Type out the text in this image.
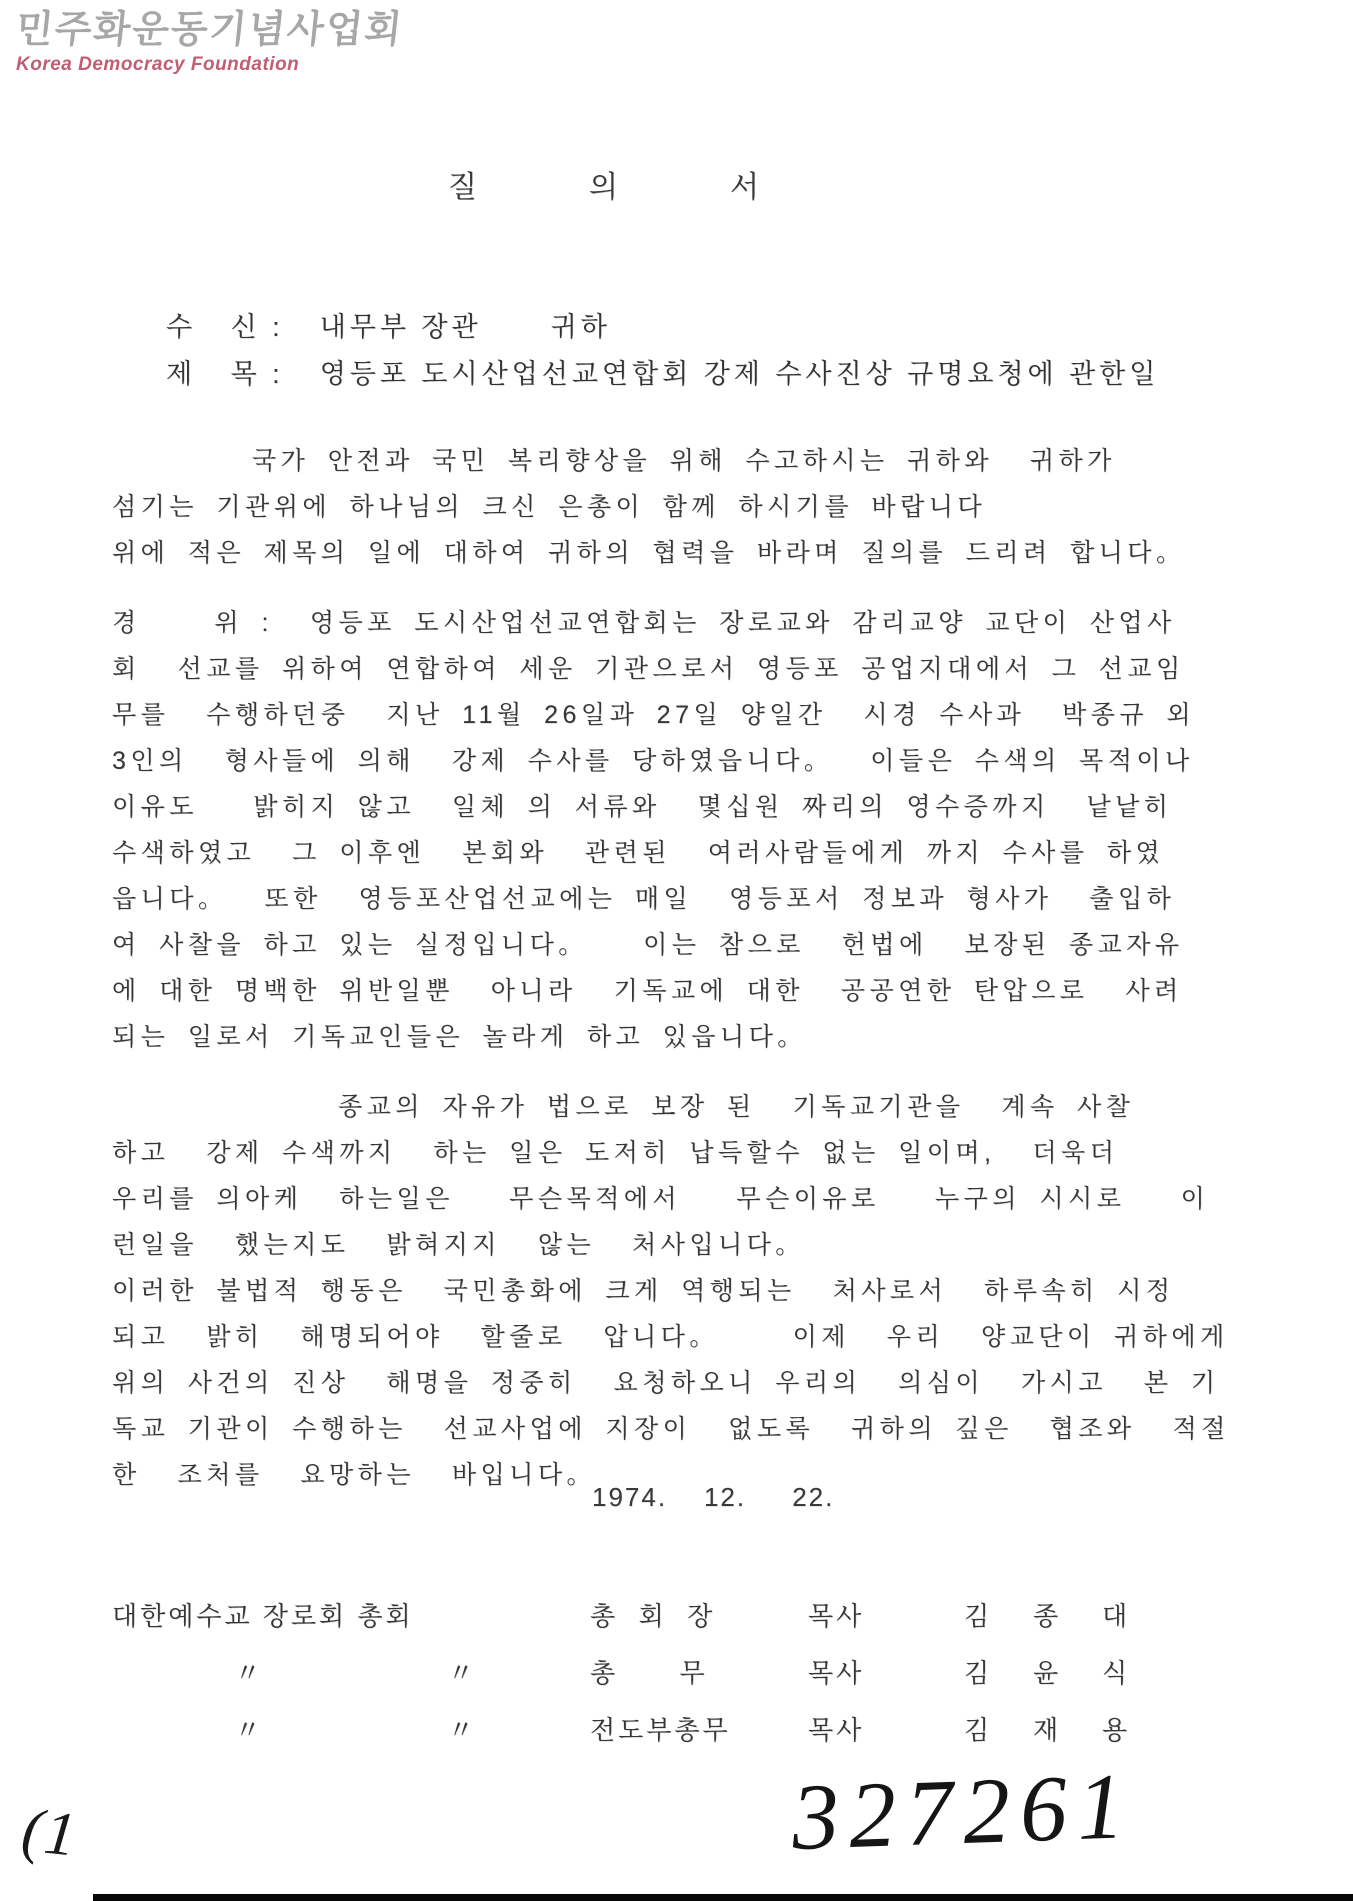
민주화운동기념사업회
Korea Democracy Foundation
질의서

수   신 : 내무부 장관      귀하

제   목 : 영등포 도시산업선교연합회 강제 수사진상 규명요청에 관한일

국가 안전과 국민 복리향상을 위해 수고하시는 귀하와  귀하가
섬기는 기관위에 하나님의 크신 은총이 함께 하시기를 바랍니다
위에 적은 제목의 일에 대하여 귀하의 협력을 바라며 질의를 드리려 합니다。
경    위 :  영등포 도시산업선교연합회는 장로교와 감리교양 교단이 산업사
회  선교를 위하여 연합하여 세운 기관으로서 영등포 공업지대에서 그 선교임
무를  수행하던중  지난 11월 26일과 27일 양일간  시경 수사과  박종규 외
3인의  형사들에 의해  강제 수사를 당하였읍니다。  이들은 수색의 목적이나
이유도   밝히지 않고  일체 의 서류와  몇십원 짜리의 영수증까지  낱낱히
수색하였고  그 이후엔  본회와  관련된  여러사람들에게 까지 수사를 하였
읍니다。  또한  영등포산업선교에는 매일  영등포서 정보과 형사가  출입하
여 사찰을 하고 있는 실정입니다。   이는 참으로  헌법에  보장된 종교자유
에 대한 명백한 위반일뿐  아니라  기독교에 대한  공공연한 탄압으로  사려
되는 일로서 기독교인들은 놀라게 하고 있읍니다。
종교의 자유가 법으로 보장 된  기독교기관을  계속 사찰
하고  강제 수색까지  하는 일은 도저히 납득할수 없는 일이며,  더욱더
우리를 의아케  하는일은   무슨목적에서   무슨이유로   누구의 시시로   이
런일을  했는지도  밝혀지지  않는  처사입니다。
이러한 불법적 행동은  국민총화에 크게 역행되는  처사로서  하루속히 시정
되고  밝히  해명되어야  할줄로  압니다。    이제  우리  양교단이 귀하에게
위의 사건의 진상  해명을 정중히  요청하오니 우리의  의심이  가시고  본 기
독교 기관이 수행하는  선교사업에 지장이  없도록  귀하의 깊은  협조와  적절
한  조처를  요망하는  바입니다。
1974.    12.     22.
대한예수교 장로회 총회	총  회  장	목사	김    종    대
〃                  〃	총      무	목사	김    윤    식
〃                  〃	전도부총무	목사	김    재    용
327261
(1
